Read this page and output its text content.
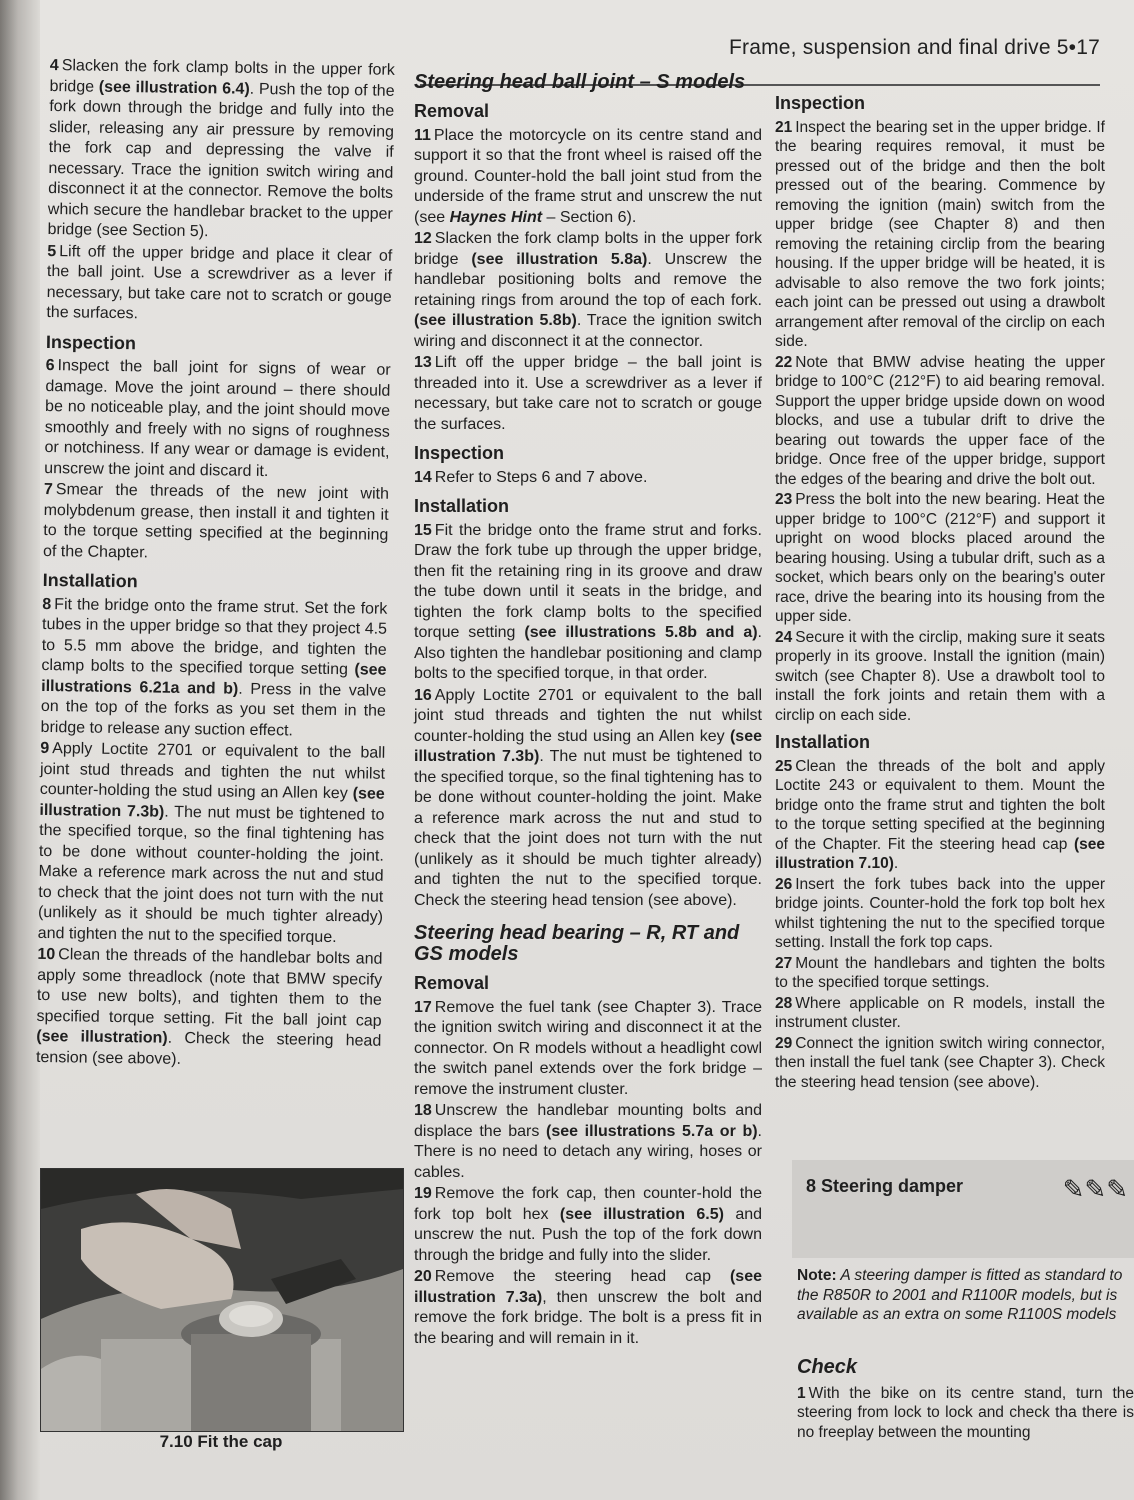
Frame, suspension and final drive 5•17

4 Slacken the fork clamp bolts in the upper fork bridge (see illustration 6.4). Push the top of the fork down through the bridge and fully into the slider, releasing any air pressure by removing the fork cap and depressing the valve if necessary. Trace the ignition switch wiring and disconnect it at the connector. Remove the bolts which secure the handlebar bracket to the upper bridge (see Section 5).

5 Lift off the upper bridge and place it clear of the ball joint. Use a screwdriver as a lever if necessary, but take care not to scratch or gouge the surfaces.

Inspection

6 Inspect the ball joint for signs of wear or damage. Move the joint around – there should be no noticeable play, and the joint should move smoothly and freely with no signs of roughness or notchiness. If any wear or damage is evident, unscrew the joint and discard it.

7 Smear the threads of the new joint with molybdenum grease, then install it and tighten it to the torque setting specified at the beginning of the Chapter.

Installation

8 Fit the bridge onto the frame strut. Set the fork tubes in the upper bridge so that they project 4.5 to 5.5 mm above the bridge, and tighten the clamp bolts to the specified torque setting (see illustrations 6.21a and b). Press in the valve on the top of the forks as you set them in the bridge to release any suction effect.

9 Apply Loctite 2701 or equivalent to the ball joint stud threads and tighten the nut whilst counter-holding the stud using an Allen key (see illustration 7.3b). The nut must be tightened to the specified torque, so the final tightening has to be done without counter-holding the joint. Make a reference mark across the nut and stud to check that the joint does not turn with the nut (unlikely as it should be much tighter already) and tighten the nut to the specified torque.

10 Clean the threads of the handlebar bolts and apply some threadlock (note that BMW specify to use new bolts), and tighten them to the specified torque setting. Fit the ball joint cap (see illustration). Check the steering head tension (see above).

7.10 Fit the cap
Steering head ball joint – S models
Removal

11 Place the motorcycle on its centre stand and support it so that the front wheel is raised off the ground. Counter-hold the ball joint stud from the underside of the frame strut and unscrew the nut (see Haynes Hint – Section 6).

12 Slacken the fork clamp bolts in the upper fork bridge (see illustration 5.8a). Unscrew the handlebar positioning bolts and remove the retaining rings from around the top of each fork. (see illustration 5.8b). Trace the ignition switch wiring and disconnect it at the connector.

13 Lift off the upper bridge – the ball joint is threaded into it. Use a screwdriver as a lever if necessary, but take care not to scratch or gouge the surfaces.

Inspection

14 Refer to Steps 6 and 7 above.

Installation

15 Fit the bridge onto the frame strut and forks. Draw the fork tube up through the upper bridge, then fit the retaining ring in its groove and draw the tube down until it seats in the bridge, and tighten the fork clamp bolts to the specified torque setting (see illustrations 5.8b and a). Also tighten the handlebar positioning and clamp bolts to the specified torque, in that order.

16 Apply Loctite 2701 or equivalent to the ball joint stud threads and tighten the nut whilst counter-holding the stud using an Allen key (see illustration 7.3b). The nut must be tightened to the specified torque, so the final tightening has to be done without counter-holding the joint. Make a reference mark across the nut and stud to check that the joint does not turn with the nut (unlikely as it should be much tighter already) and tighten the nut to the specified torque. Check the steering head tension (see above).

Steering head bearing – R, RT and GS models
Removal

17 Remove the fuel tank (see Chapter 3). Trace the ignition switch wiring and disconnect it at the connector. On R models without a headlight cowl the switch panel extends over the fork bridge – remove the instrument cluster.

18 Unscrew the handlebar mounting bolts and displace the bars (see illustrations 5.7a or b). There is no need to detach any wiring, hoses or cables.

19 Remove the fork cap, then counter-hold the fork top bolt hex (see illustration 6.5) and unscrew the nut. Push the top of the fork down through the bridge and fully into the slider.

20 Remove the steering head cap (see illustration 7.3a), then unscrew the bolt and remove the fork bridge. The bolt is a press fit in the bearing and will remain in it.

Inspection

21 Inspect the bearing set in the upper bridge. If the bearing requires removal, it must be pressed out of the bridge and then the bolt pressed out of the bearing. Commence by removing the ignition (main) switch from the upper bridge (see Chapter 8) and then removing the retaining circlip from the bearing housing. If the upper bridge will be heated, it is advisable to also remove the two fork joints; each joint can be pressed out using a drawbolt arrangement after removal of the circlip on each side.

22 Note that BMW advise heating the upper bridge to 100°C (212°F) to aid bearing removal. Support the upper bridge upside down on wood blocks, and use a tubular drift to drive the bearing out towards the upper face of the bridge. Once free of the upper bridge, support the edges of the bearing and drive the bolt out.

23 Press the bolt into the new bearing. Heat the upper bridge to 100°C (212°F) and support it upright on wood blocks placed around the bearing housing. Using a tubular drift, such as a socket, which bears only on the bearing's outer race, drive the bearing into its housing from the upper side.

24 Secure it with the circlip, making sure it seats properly in its groove. Install the ignition (main) switch (see Chapter 8). Use a drawbolt tool to install the fork joints and retain them with a circlip on each side.

Installation

25 Clean the threads of the bolt and apply Loctite 243 or equivalent to them. Mount the bridge onto the frame strut and tighten the bolt to the torque setting specified at the beginning of the Chapter. Fit the steering head cap (see illustration 7.10).

26 Insert the fork tubes back into the upper bridge joints. Counter-hold the fork top bolt hex whilst tightening the nut to the specified torque setting. Install the fork top caps.

27 Mount the handlebars and tighten the bolts to the specified torque settings.

28 Where applicable on R models, install the instrument cluster.

29 Connect the ignition switch wiring connector, then install the fuel tank (see Chapter 3). Check the steering head tension (see above).

8 Steering damper	✎✎✎
Note: A steering damper is fitted as standard to the R850R to 2001 and R1100R models, but is available as an extra on some R1100S models
Check

1 With the bike on its centre stand, turn the steering from lock to lock and check tha there is no freeplay between the mounting
